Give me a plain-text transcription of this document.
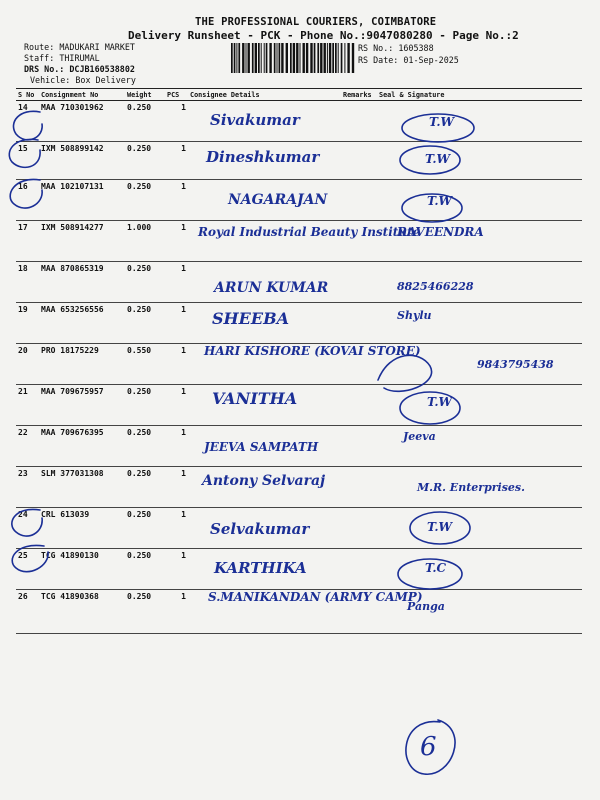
THE PROFESSIONAL COURIERS, COIMBATORE
Delivery Runsheet - PCK - Phone No.:9047080280 - Page No.:2
Route: MADUKARI MARKET
Staff: THIRUMAL
DRS No.: DCJB160538802
Vehicle: Box Delivery
RS No.: 1605388
RS Date: 01-Sep-2025
S No	Consignment No	Weight	PCS	Consignee Details	Remarks	Seal & Signature
14	MAA 710301962	0.250	1	Sivakumar		T.W

15	IXM 508899142	0.250	1	Dineshkumar		T.W

16	MAA 102107131	0.250	1	NAGARAJAN		T.W

17	IXM 508914277	1.000	1	Royal Industrial Beauty Institute		RAVEENDRA

18	MAA 870865319	0.250	1	ARUN KUMAR		8825466228

19	MAA 653256556	0.250	1	SHEEBA		Shylu

20	PRO 18175229	0.550	1	HARI KISHORE (KOVAI STORE)		9843795438

21	MAA 709675957	0.250	1	VANITHA		T.W

22	MAA 709676395	0.250	1	JEEVA SAMPATH		Jeeva

23	SLM 377031308	0.250	1	Antony Selvaraj		M.R. Enterprises.

24	CRL 613039	0.250	1	Selvakumar		T.W

25	TCG 41890130	0.250	1	KARTHIKA		T.C

26	TCG 41890368	0.250	1	S.MANIKANDAN (ARMY CAMP)		Panga
6
